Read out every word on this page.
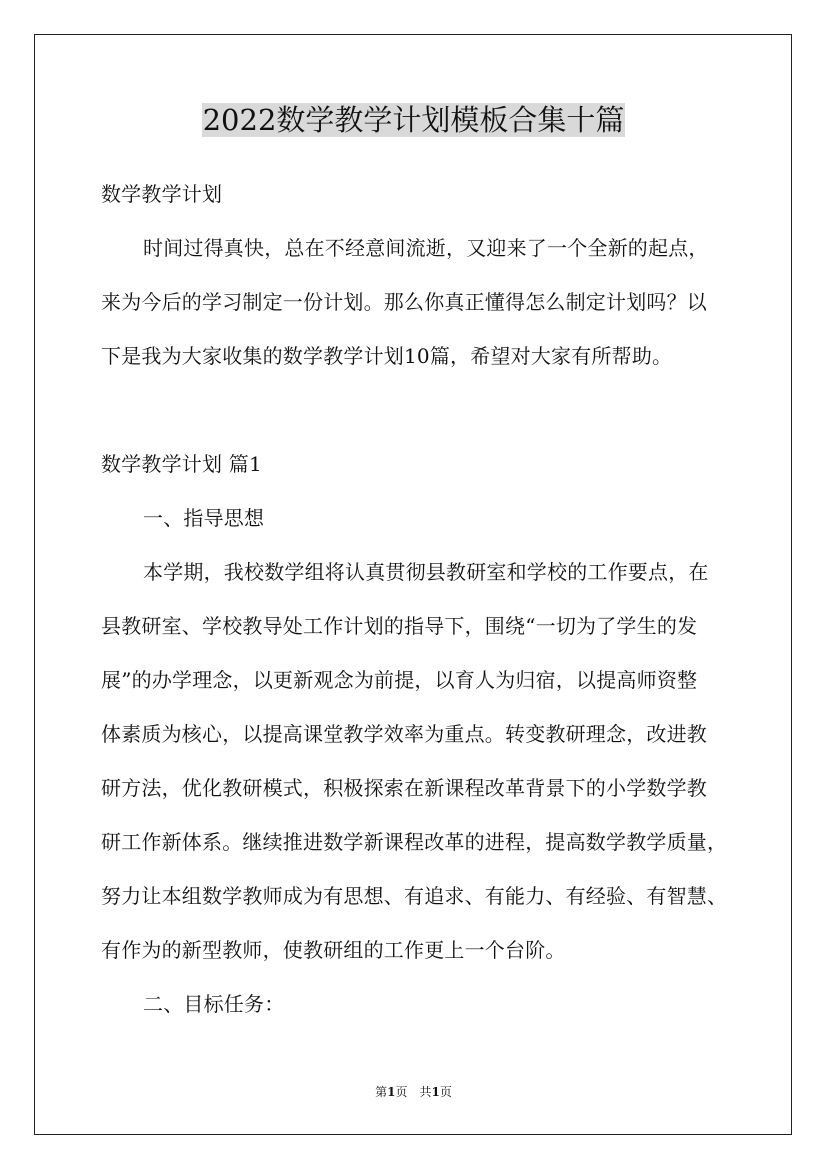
2022数学教学计划模板合集十篇
数学教学计划
时间过得真快，总在不经意间流逝，又迎来了一个全新的起点，
来为今后的学习制定一份计划。那么你真正懂得怎么制定计划吗？以
下是我为大家收集的数学教学计划10篇，希望对大家有所帮助。
数学教学计划 篇1
一、指导思想
本学期，我校数学组将认真贯彻县教研室和学校的工作要点，在
县教研室、学校教导处工作计划的指导下，围绕“一切为了学生的发
展”的办学理念，以更新观念为前提，以育人为归宿，以提高师资整
体素质为核心，以提高课堂教学效率为重点。转变教研理念，改进教
研方法，优化教研模式，积极探索在新课程改革背景下的小学数学教
研工作新体系。继续推进数学新课程改革的进程，提高数学教学质量，
努力让本组数学教师成为有思想、有追求、有能力、有经验、有智慧、
有作为的新型教师，使教研组的工作更上一个台阶。
二、目标任务：
第1页　共1页
